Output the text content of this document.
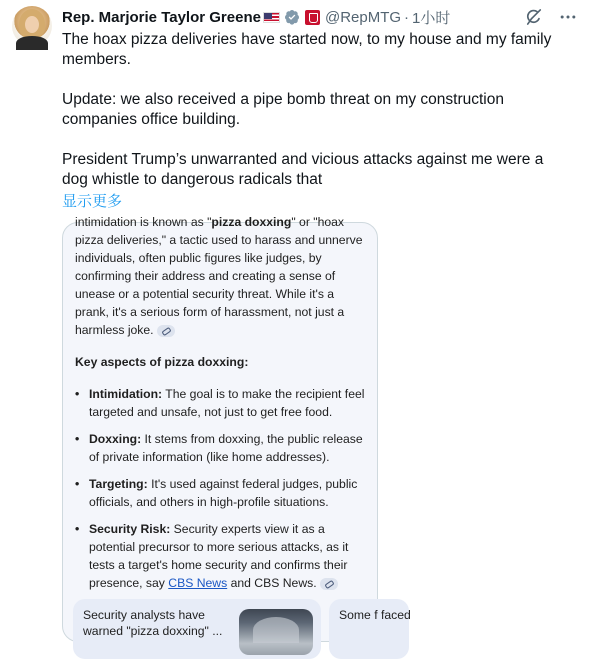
Rep. Marjorie Taylor Greene	@RepMTG · 1小时

The hoax pizza deliveries have started now, to my house and my family members.

Update: we also received a pipe bomb threat on my construction companies office building.

President Trump’s unwarranted and vicious attacks against me were a dog whistle to dangerous radicals that

显示更多
intimidation is known as "pizza doxxing" or "hoax pizza deliveries," a tactic used to harass and unnerve individuals, often public figures like judges, by confirming their address and creating a sense of unease or a potential security threat. While it's a prank, it's a serious form of harassment, not just a harmless joke.
Key aspects of pizza doxxing:
• Intimidation: The goal is to make the recipient feel targeted and unsafe, not just to get free food.
• Doxxing: It stems from doxxing, the public release of private information (like home addresses).
• Targeting: It's used against federal judges, public officials, and others in high-profile situations.
• Security Risk: Security experts view it as a potential precursor to more serious attacks, as it tests a target's home security and confirms their presence, say CBS News and CBS News.
Security analysts have warned "pizza doxxing" ...
Some f faced
